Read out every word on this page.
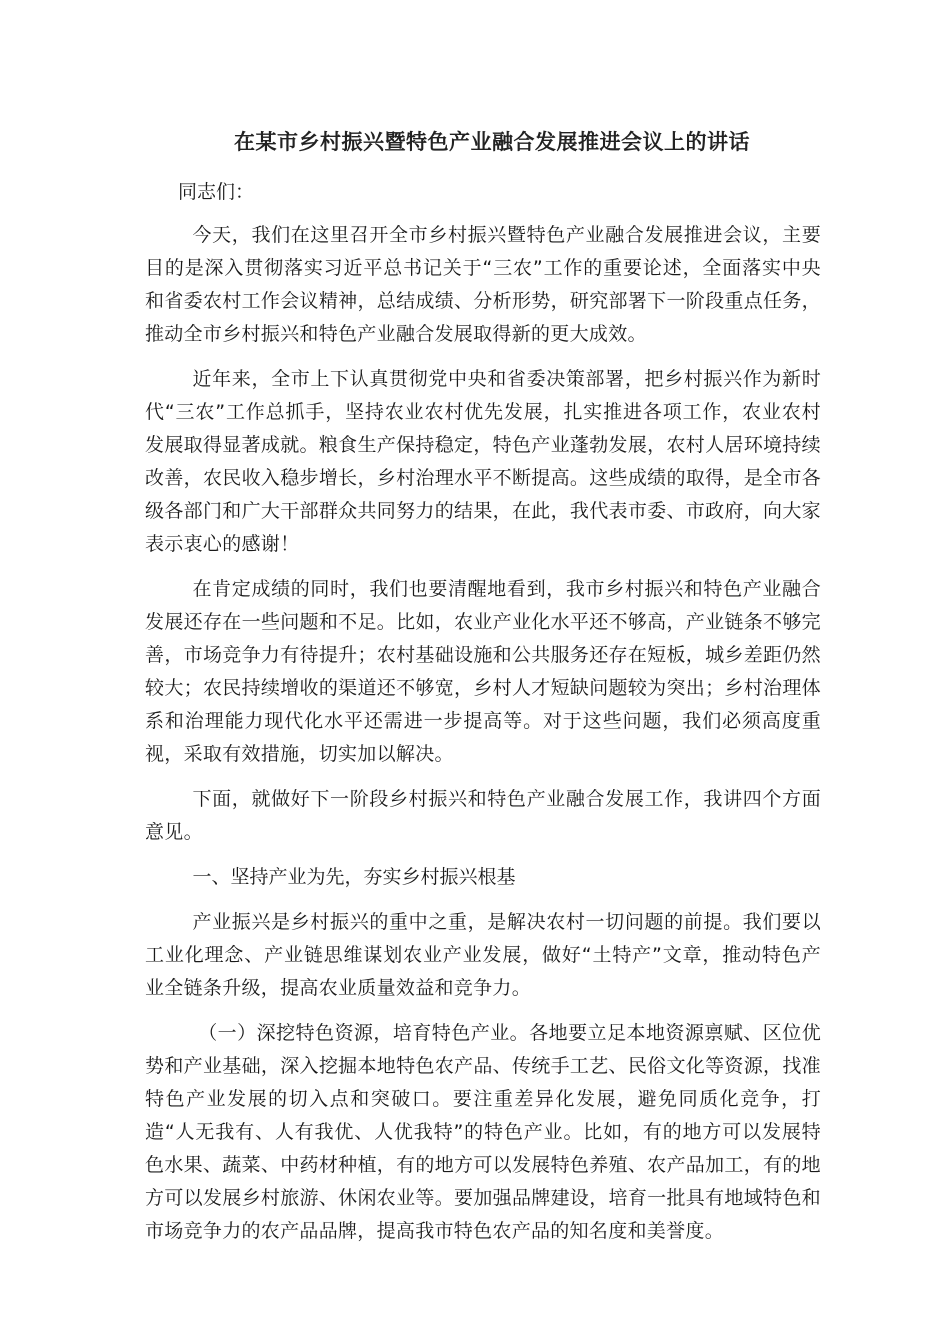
在某市乡村振兴暨特色产业融合发展推进会议上的讲话

同志们：

今天，我们在这里召开全市乡村振兴暨特色产业融合发展推进会议，主要目的是深入贯彻落实习近平总书记关于“三农”工作的重要论述，全面落实中央和省委农村工作会议精神，总结成绩、分析形势，研究部署下一阶段重点任务，推动全市乡村振兴和特色产业融合发展取得新的更大成效。

近年来，全市上下认真贯彻党中央和省委决策部署，把乡村振兴作为新时代“三农”工作总抓手，坚持农业农村优先发展，扎实推进各项工作，农业农村发展取得显著成就。粮食生产保持稳定，特色产业蓬勃发展，农村人居环境持续改善，农民收入稳步增长，乡村治理水平不断提高。这些成绩的取得，是全市各级各部门和广大干部群众共同努力的结果，在此，我代表市委、市政府，向大家表示衷心的感谢！

在肯定成绩的同时，我们也要清醒地看到，我市乡村振兴和特色产业融合发展还存在一些问题和不足。比如，农业产业化水平还不够高，产业链条不够完善，市场竞争力有待提升；农村基础设施和公共服务还存在短板，城乡差距仍然较大；农民持续增收的渠道还不够宽，乡村人才短缺问题较为突出；乡村治理体系和治理能力现代化水平还需进一步提高等。对于这些问题，我们必须高度重视，采取有效措施，切实加以解决。

下面，就做好下一阶段乡村振兴和特色产业融合发展工作，我讲四个方面意见。

一、坚持产业为先，夯实乡村振兴根基

产业振兴是乡村振兴的重中之重，是解决农村一切问题的前提。我们要以工业化理念、产业链思维谋划农业产业发展，做好“土特产”文章，推动特色产业全链条升级，提高农业质量效益和竞争力。

（一）深挖特色资源，培育特色产业。各地要立足本地资源禀赋、区位优势和产业基础，深入挖掘本地特色农产品、传统手工艺、民俗文化等资源，找准特色产业发展的切入点和突破口。要注重差异化发展，避免同质化竞争，打造“人无我有、人有我优、人优我特”的特色产业。比如，有的地方可以发展特色水果、蔬菜、中药材种植，有的地方可以发展特色养殖、农产品加工，有的地方可以发展乡村旅游、休闲农业等。要加强品牌建设，培育一批具有地域特色和市场竞争力的农产品品牌，提高我市特色农产品的知名度和美誉度。
